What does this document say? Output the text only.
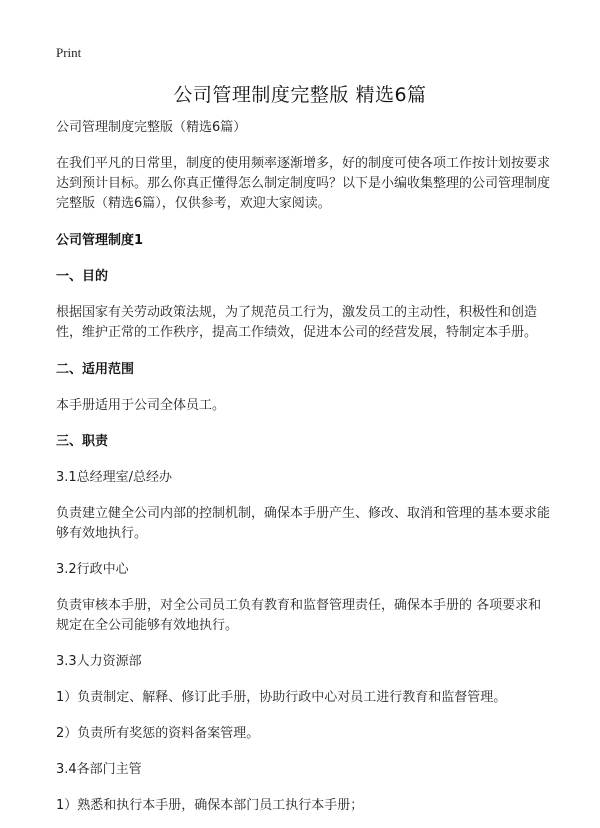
Print
公司管理制度完整版 精选6篇

公司管理制度完整版（精选6篇）

在我们平凡的日常里，制度的使用频率逐渐增多，好的制度可使各项工作按计划按要求达到预计目标。那么你真正懂得怎么制定制度吗？以下是小编收集整理的公司管理制度完整版（精选6篇），仅供参考，欢迎大家阅读。

公司管理制度1

一、目的

根据国家有关劳动政策法规，为了规范员工行为，激发员工的主动性，积极性和创造性，维护正常的工作秩序，提高工作绩效，促进本公司的经营发展，特制定本手册。

二、适用范围

本手册适用于公司全体员工。

三、职责

3.1总经理室/总经办

负责建立健全公司内部的控制机制，确保本手册产生、修改、取消和管理的基本要求能够有效地执行。

3.2行政中心

负责审核本手册，对全公司员工负有教育和监督管理责任，确保本手册的 各项要求和规定在全公司能够有效地执行。

3.3人力资源部

1）负责制定、解释、修订此手册，协助行政中心对员工进行教育和监督管理。

2）负责所有奖惩的资料备案管理。

3.4各部门主管

1）熟悉和执行本手册，确保本部门员工执行本手册；
